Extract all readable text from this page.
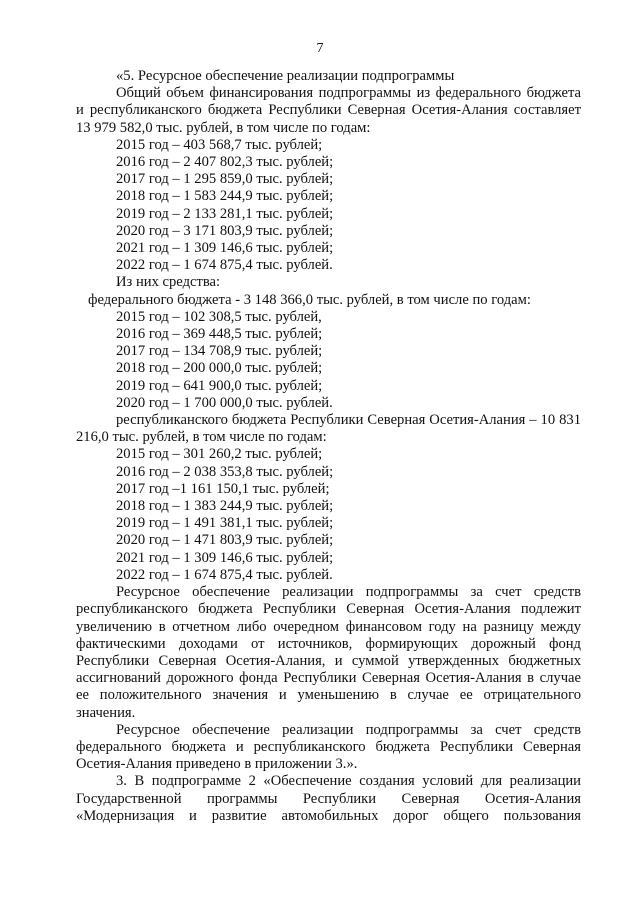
7

«5. Ресурсное обеспечение реализации подпрограммы

Общий объем финансирования подпрограммы из федерального бюджета и республиканского бюджета Республики Северная Осетия-Алания составляет 13 979 582,0 тыс. рублей, в том числе по годам:

2015 год – 403 568,7 тыс. рублей;

2016 год – 2 407 802,3 тыс. рублей;

2017 год – 1 295 859,0 тыс. рублей;

2018 год – 1 583 244,9 тыс. рублей;

2019 год – 2 133 281,1 тыс. рублей;

2020 год – 3 171 803,9 тыс. рублей;

2021 год – 1 309 146,6 тыс. рублей;

2022 год – 1 674 875,4 тыс. рублей.

Из них средства:

федерального бюджета - 3 148 366,0 тыс. рублей, в том числе по годам:

2015 год – 102 308,5 тыс. рублей,

2016 год – 369 448,5 тыс. рублей;

2017 год – 134 708,9 тыс. рублей;

2018 год – 200 000,0 тыс. рублей;

2019 год – 641 900,0 тыс. рублей;

2020 год – 1 700 000,0 тыс. рублей.

республиканского бюджета Республики Северная Осетия-Алания – 10 831 216,0 тыс. рублей, в том числе по годам:

2015 год – 301 260,2 тыс. рублей;

2016 год – 2 038 353,8 тыс. рублей;

2017 год –1 161 150,1 тыс. рублей;

2018 год – 1 383 244,9 тыс. рублей;

2019 год – 1 491 381,1 тыс. рублей;

2020 год – 1 471 803,9 тыс. рублей;

2021 год – 1 309 146,6 тыс. рублей;

2022 год – 1 674 875,4 тыс. рублей.

Ресурсное обеспечение реализации подпрограммы за счет средств республиканского бюджета Республики Северная Осетия-Алания подлежит увеличению в отчетном либо очередном финансовом году на разницу между фактическими доходами от источников, формирующих дорожный фонд Республики Северная Осетия-Алания, и суммой утвержденных бюджетных ассигнований дорожного фонда Республики Северная Осетия-Алания в случае ее положительного значения и уменьшению в случае ее отрицательного значения.

Ресурсное обеспечение реализации подпрограммы за счет средств федерального бюджета и республиканского бюджета Республики Северная Осетия-Алания приведено в приложении 3.».

3. В подпрограмме 2 «Обеспечение создания условий для реализации Государственной программы Республики Северная Осетия-Алания «Модернизация и развитие автомобильных дорог общего пользования
